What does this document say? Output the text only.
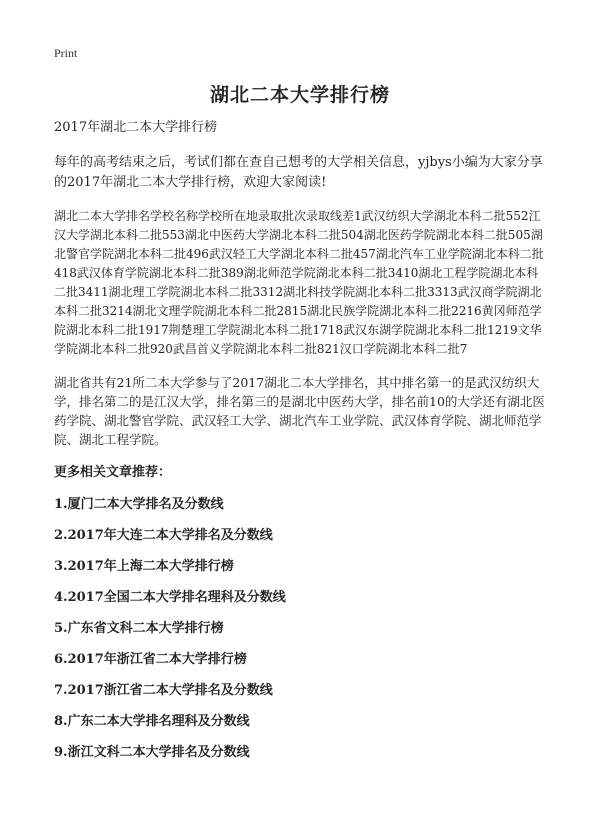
Print
湖北二本大学排行榜

2017年湖北二本大学排行榜

每年的高考结束之后，考试们都在查自己想考的大学相关信息，yjbys小编为大家分享的2017年湖北二本大学排行榜，欢迎大家阅读!

湖北二本大学排名学校名称学校所在地录取批次录取线差1武汉纺织大学湖北本科二批552江汉大学湖北本科二批553湖北中医药大学湖北本科二批504湖北医药学院湖北本科二批505湖北警官学院湖北本科二批496武汉轻工大学湖北本科二批457湖北汽车工业学院湖北本科二批418武汉体育学院湖北本科二批389湖北师范学院湖北本科二批3410湖北工程学院湖北本科二批3411湖北理工学院湖北本科二批3312湖北科技学院湖北本科二批3313武汉商学院湖北本科二批3214湖北文理学院湖北本科二批2815湖北民族学院湖北本科二批2216黄冈师范学院湖北本科二批1917荆楚理工学院湖北本科二批1718武汉东湖学院湖北本科二批1219文华学院湖北本科二批920武昌首义学院湖北本科二批821汉口学院湖北本科二批7

湖北省共有21所二本大学参与了2017湖北二本大学排名，其中排名第一的是武汉纺织大学，排名第二的是江汉大学，排名第三的是湖北中医药大学，排名前10的大学还有湖北医药学院、湖北警官学院、武汉轻工大学、湖北汽车工业学院、武汉体育学院、湖北师范学院、湖北工程学院。

更多相关文章推荐：

1.厦门二本大学排名及分数线
2.2017年大连二本大学排名及分数线
3.2017年上海二本大学排行榜
4.2017全国二本大学排名理科及分数线
5.广东省文科二本大学排行榜
6.2017年浙江省二本大学排行榜
7.2017浙江省二本大学排名及分数线
8.广东二本大学排名理科及分数线
9.浙江文科二本大学排名及分数线
